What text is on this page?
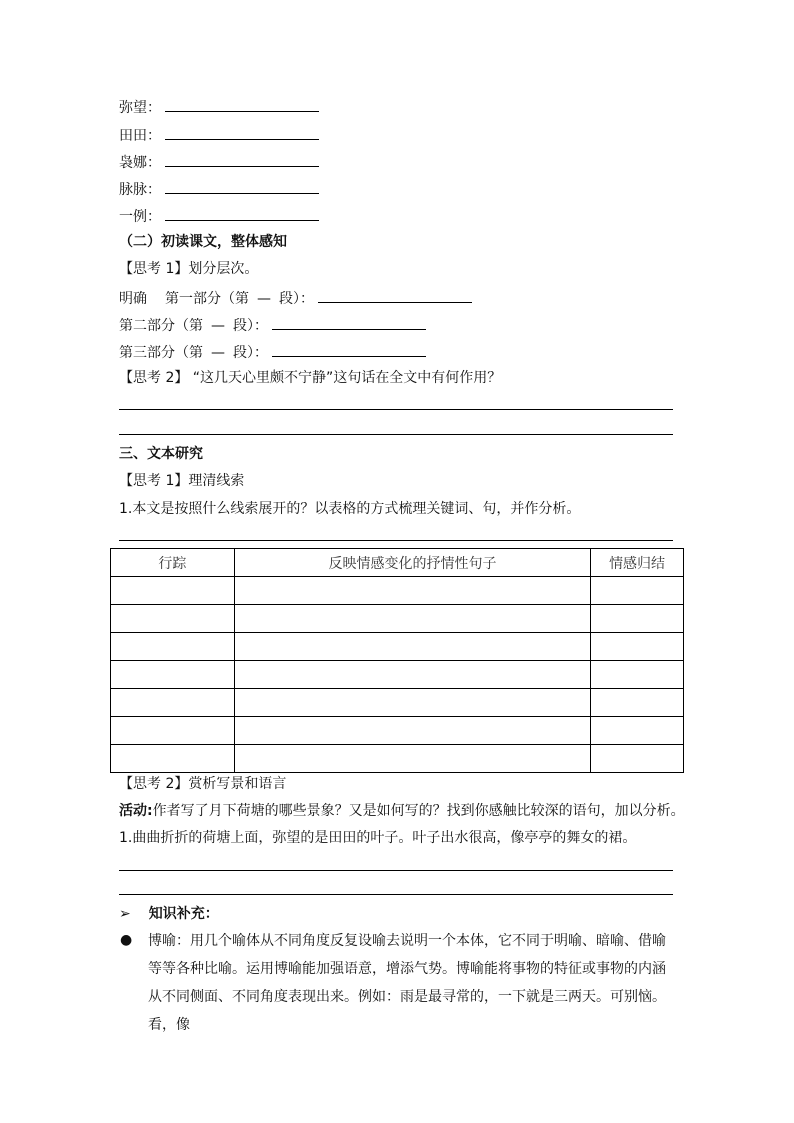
弥望：
田田：
袅娜：
脉脉：
一例：
（二）初读课文，整体感知
【思考 1】划分层次。
明确 第一部分（第 — 段）：
第二部分（第 — 段）：
第三部分（第 — 段）：
【思考 2】 “这几天心里颇不宁静”这句话在全文中有何作用？
三、文本研究
【思考 1】理清线索
1.本文是按照什么线索展开的？以表格的方式梳理关键词、句，并作分析。
行踪	反映情感变化的抒情性句子	情感归结

【思考 2】赏析写景和语言
活动:作者写了月下荷塘的哪些景象？又是如何写的？找到你感触比较深的语句，加以分析。
1.曲曲折折的荷塘上面，弥望的是田田的叶子。叶子出水很高，像亭亭的舞女的裙。
➢ 知识补充：
● 博喻：用几个喻体从不同角度反复设喻去说明一个本体，它不同于明喻、暗喻、借喻等等各种比喻。运用博喻能加强语意，增添气势。博喻能将事物的特征或事物的内涵从不同侧面、不同角度表现出来。例如：雨是最寻常的，一下就是三两天。可别恼。看，像
